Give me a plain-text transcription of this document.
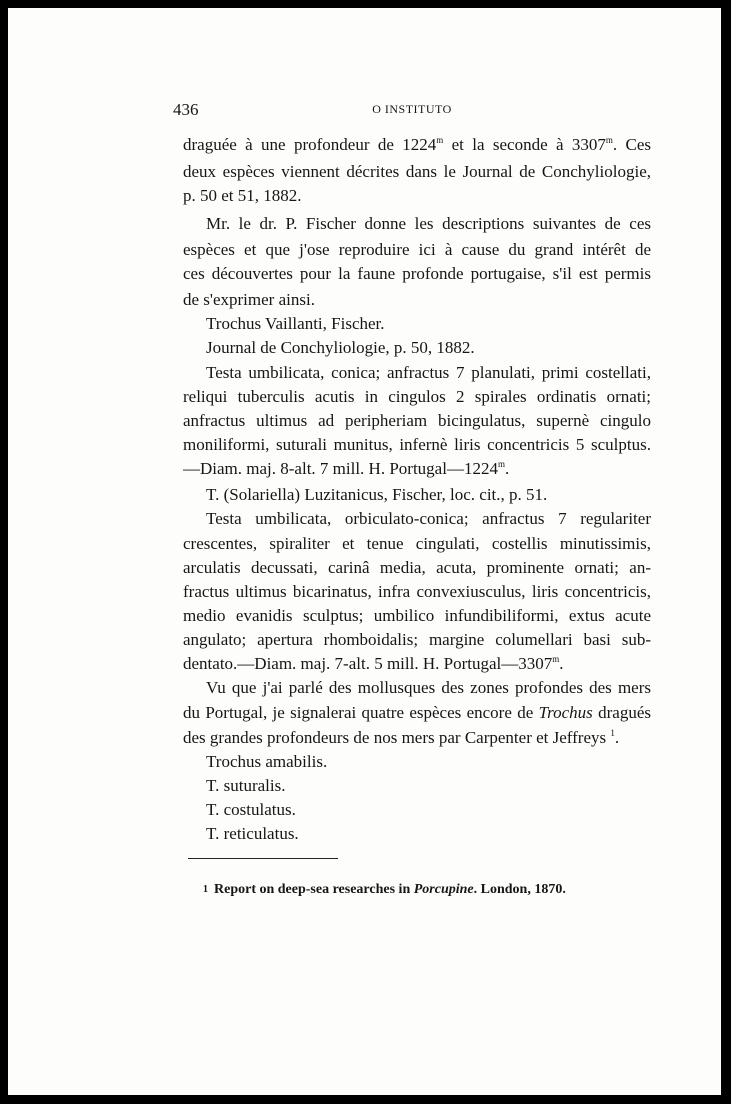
436	O INSTITUTO
draguée à une profondeur de 1224$^m$ et la seconde à 3307$^m$. Ces
deux espèces viennent décrites dans le Journal de Conchyliologie,
p. 50 et 51, 1882.
Mr. le dr. P. Fischer donne les descriptions suivantes de ces
espèces et que j'ose reproduire ici à cause du grand intérêt de
ces découvertes pour la faune profonde portugaise, s'il est permis
de s'exprimer ainsi.
Trochus Vaillanti, Fischer.
Journal de Conchyliologie, p. 50, 1882.
Testa umbilicata, conica; anfractus 7 planulati, primi costellati,
reliqui tuberculis acutis in cingulos 2 spirales ordinatis ornati;
anfractus ultimus ad peripheriam bicingulatus, supernè cingulo
moniliformi, suturali munitus, infernè liris concentricis 5 sculptus.
—Diam. maj. 8-alt. 7 mill. H. Portugal—1224$^m$.
T. (Solariella) Luzitanicus, Fischer, loc. cit., p. 51.
Testa umbilicata, orbiculato-conica; anfractus 7 regulariter
crescentes, spiraliter et tenue cingulati, costellis minutissimis,
arculatis decussati, carinâ media, acuta, prominente ornati; an-
fractus ultimus bicarinatus, infra convexiusculus, liris concentricis,
medio evanidis sculptus; umbilico infundibiliformi, extus acute
angulato; apertura rhomboidalis; margine columellari basi sub-
dentato.—Diam. maj. 7-alt. 5 mill. H. Portugal—3307$^m$.
Vu que j'ai parlé des mollusques des zones profondes des mers
du Portugal, je signalerai quatre espèces encore de Trochus dragués
des grandes profondeurs de nos mers par Carpenter et Jeffreys $^1$.
Trochus amabilis.
T. suturalis.
T. costulatus.
T. reticulatus.
1 Report on deep-sea researches in Porcupine. London, 1870.
